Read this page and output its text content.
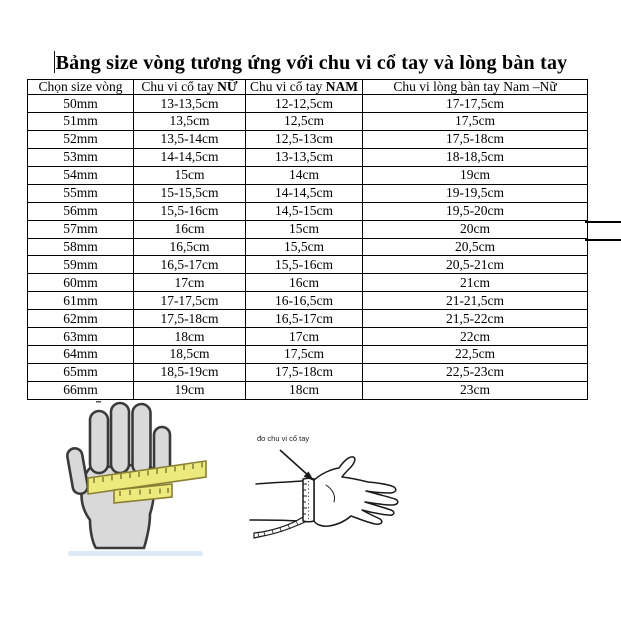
Bảng size vòng tương ứng với chu vi cổ tay và lòng bàn tay
Chọn size vòng	Chu vi cổ tay NỮ	Chu vi cổ tay NAM	Chu vi lòng bàn tay Nam –Nữ
50mm	13-13,5cm	12-12,5cm	17-17,5cm
51mm	13,5cm	12,5cm	17,5cm
52mm	13,5-14cm	12,5-13cm	17,5-18cm
53mm	14-14,5cm	13-13,5cm	18-18,5cm
54mm	15cm	14cm	19cm
55mm	15-15,5cm	14-14,5cm	19-19,5cm
56mm	15,5-16cm	14,5-15cm	19,5-20cm
57mm	16cm	15cm	20cm
58mm	16,5cm	15,5cm	20,5cm
59mm	16,5-17cm	15,5-16cm	20,5-21cm
60mm	17cm	16cm	21cm
61mm	17-17,5cm	16-16,5cm	21-21,5cm
62mm	17,5-18cm	16,5-17cm	21,5-22cm
63mm	18cm	17cm	22cm
64mm	18,5cm	17,5cm	22,5cm
65mm	18,5-19cm	17,5-18cm	22,5-23cm
66mm	19cm	18cm	23cm
đo chu vi cổ tay
